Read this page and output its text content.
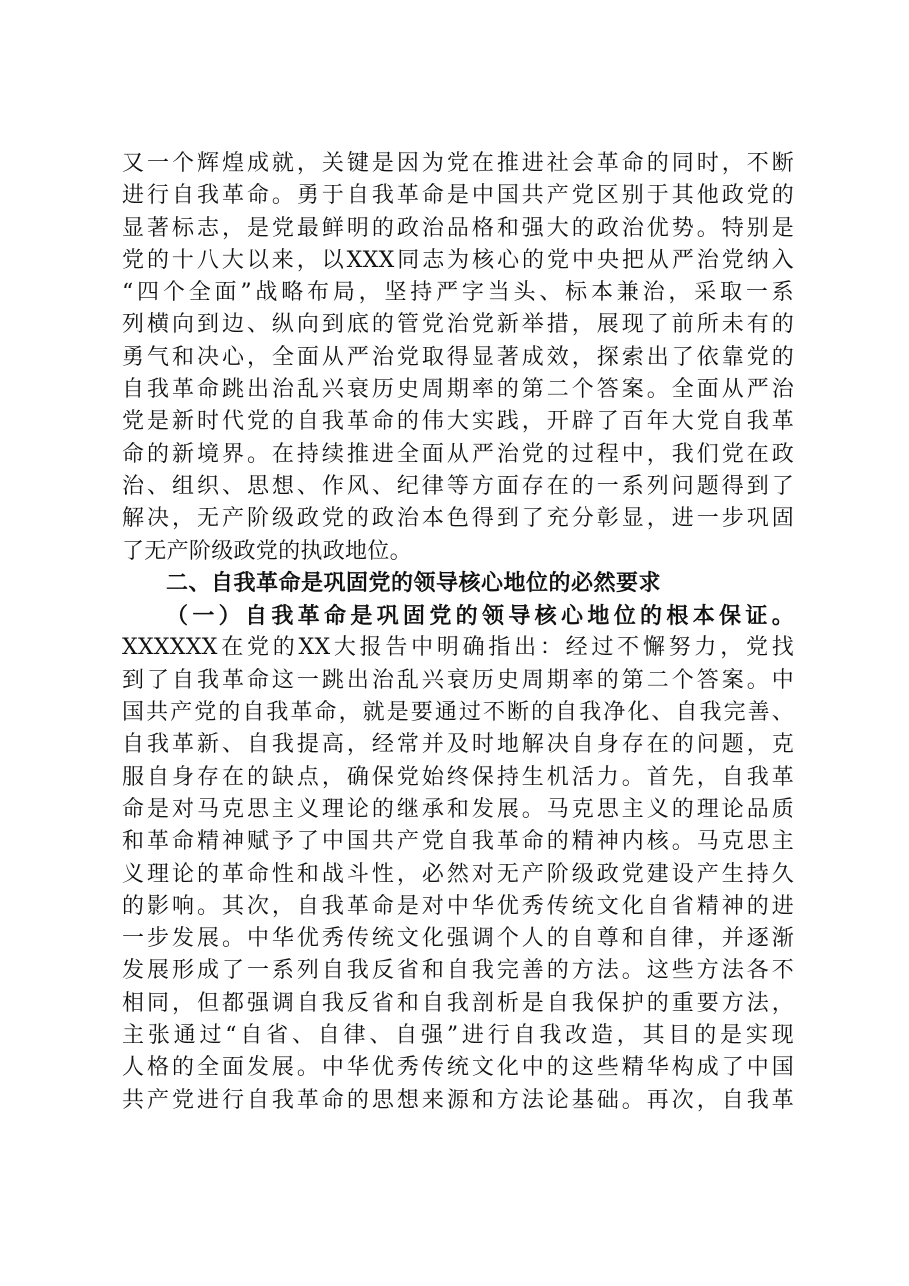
又一个辉煌成就，关键是因为党在推进社会革命的同时，不断
进行自我革命。勇于自我革命是中国共产党区别于其他政党的
显著标志，是党最鲜明的政治品格和强大的政治优势。特别是
党的十八大以来，以XXX同志为核心的党中央把从严治党纳入
“四个全面”战略布局，坚持严字当头、标本兼治，采取一系
列横向到边、纵向到底的管党治党新举措，展现了前所未有的
勇气和决心，全面从严治党取得显著成效，探索出了依靠党的
自我革命跳出治乱兴衰历史周期率的第二个答案。全面从严治
党是新时代党的自我革命的伟大实践，开辟了百年大党自我革
命的新境界。在持续推进全面从严治党的过程中，我们党在政
治、组织、思想、作风、纪律等方面存在的一系列问题得到了
解决，无产阶级政党的政治本色得到了充分彰显，进一步巩固
了无产阶级政党的执政地位。
二、自我革命是巩固党的领导核心地位的必然要求
（一）自我革命是巩固党的领导核心地位的根本保证。
XXXXXX在党的XX大报告中明确指出：经过不懈努力，党找
到了自我革命这一跳出治乱兴衰历史周期率的第二个答案。中
国共产党的自我革命，就是要通过不断的自我净化、自我完善、
自我革新、自我提高，经常并及时地解决自身存在的问题，克
服自身存在的缺点，确保党始终保持生机活力。首先，自我革
命是对马克思主义理论的继承和发展。马克思主义的理论品质
和革命精神赋予了中国共产党自我革命的精神内核。马克思主
义理论的革命性和战斗性，必然对无产阶级政党建设产生持久
的影响。其次，自我革命是对中华优秀传统文化自省精神的进
一步发展。中华优秀传统文化强调个人的自尊和自律，并逐渐
发展形成了一系列自我反省和自我完善的方法。这些方法各不
相同，但都强调自我反省和自我剖析是自我保护的重要方法，
主张通过“自省、自律、自强”进行自我改造，其目的是实现
人格的全面发展。中华优秀传统文化中的这些精华构成了中国
共产党进行自我革命的思想来源和方法论基础。再次，自我革
